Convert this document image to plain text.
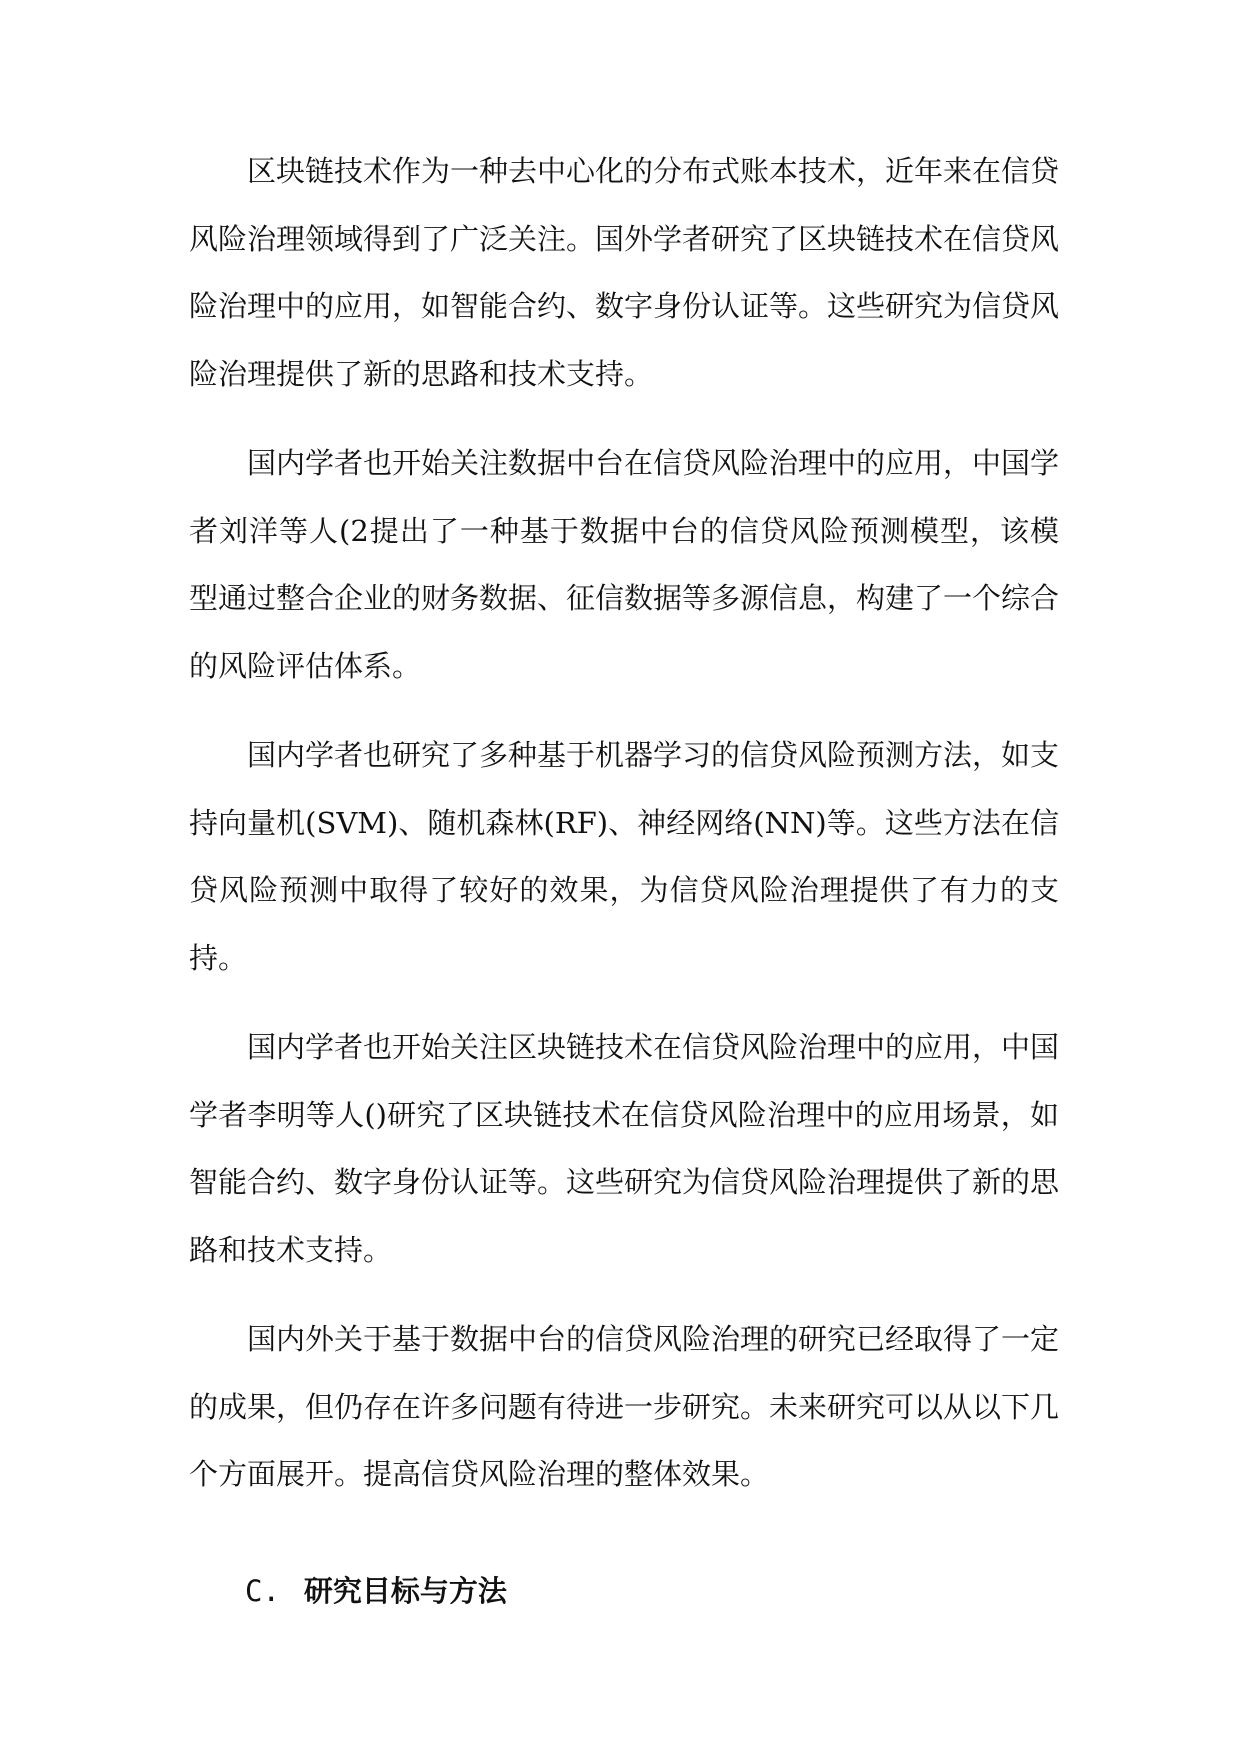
区块链技术作为一种去中心化的分布式账本技术，近年来在信贷风险治理领域得到了广泛关注。国外学者研究了区块链技术在信贷风险治理中的应用，如智能合约、数字身份认证等。这些研究为信贷风险治理提供了新的思路和技术支持。

国内学者也开始关注数据中台在信贷风险治理中的应用，中国学者刘洋等人(2提出了一种基于数据中台的信贷风险预测模型，该模型通过整合企业的财务数据、征信数据等多源信息，构建了一个综合的风险评估体系。

国内学者也研究了多种基于机器学习的信贷风险预测方法，如支持向量机(SVM)、随机森林(RF)、神经网络(NN)等。这些方法在信贷风险预测中取得了较好的效果，为信贷风险治理提供了有力的支持。

国内学者也开始关注区块链技术在信贷风险治理中的应用，中国学者李明等人()研究了区块链技术在信贷风险治理中的应用场景，如智能合约、数字身份认证等。这些研究为信贷风险治理提供了新的思路和技术支持。

国内外关于基于数据中台的信贷风险治理的研究已经取得了一定的成果，但仍存在许多问题有待进一步研究。未来研究可以从以下几个方面展开。提高信贷风险治理的整体效果。

C. 研究目标与方法
